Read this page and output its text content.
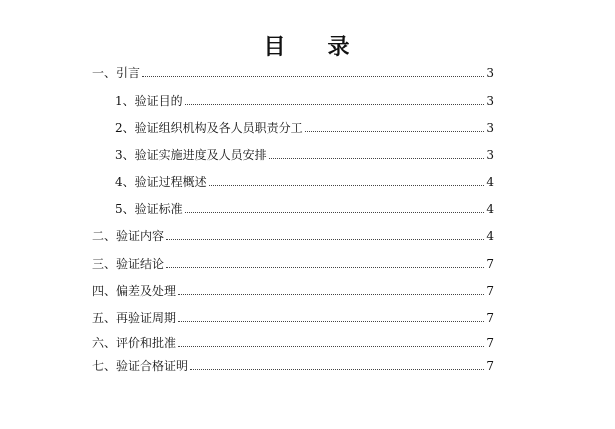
目 录
一、引言	3
1、验证目的	3
2、验证组织机构及各人员职责分工	3
3、验证实施进度及人员安排	3
4、验证过程概述	4
5、验证标准	4
二、验证内容	4
三、验证结论	7
四、偏差及处理	7
五、再验证周期	7
六、评价和批准	7
七、验证合格证明	7
